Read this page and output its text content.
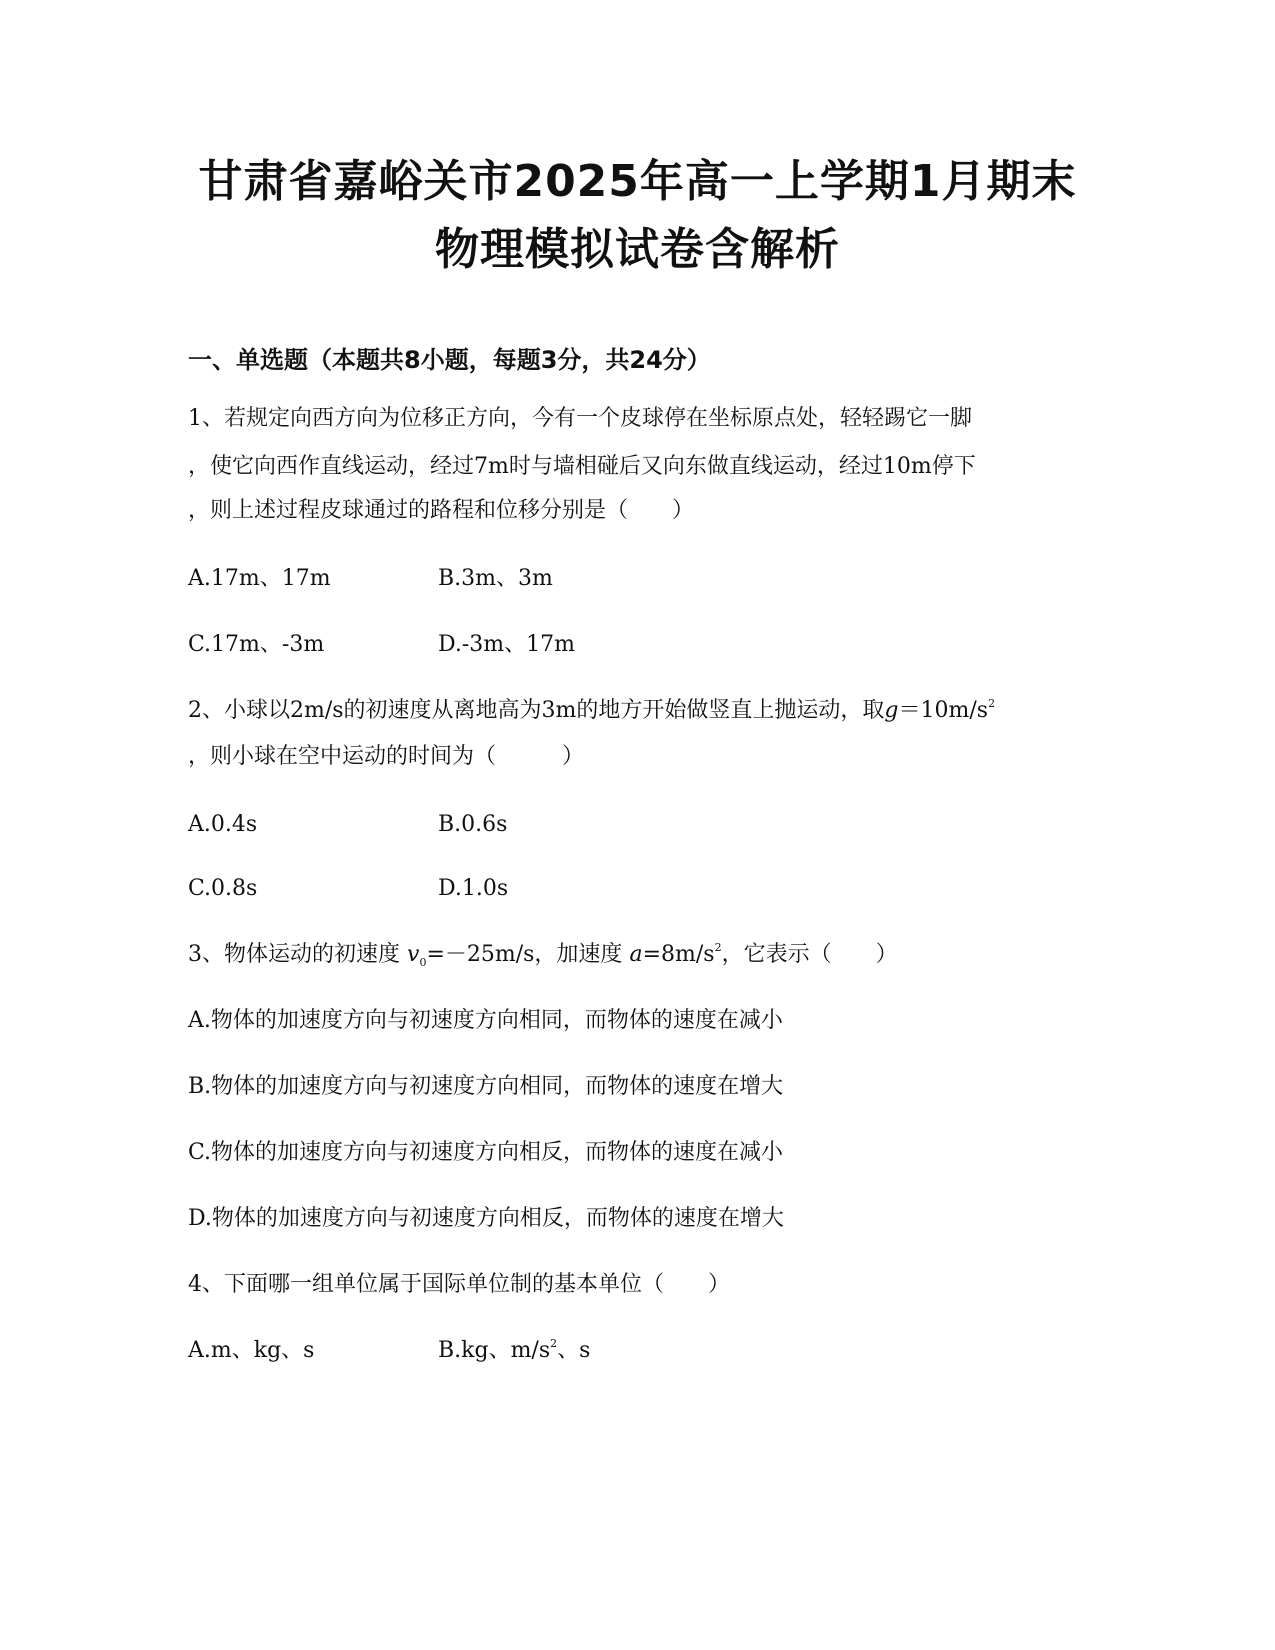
甘肃省嘉峪关市2025年高一上学期1月期末
物理模拟试卷含解析
一、单选题（本题共8小题，每题3分，共24分）
1、若规定向西方向为位移正方向，今有一个皮球停在坐标原点处，轻轻踢它一脚
，使它向西作直线运动，经过7m时与墙相碰后又向东做直线运动，经过10m停下
，则上述过程皮球通过的路程和位移分别是（　　）
A.17m、17m	B.3m、3m
C.17m、-3m	D.-3m、17m
2、小球以2m/s的初速度从离地高为3m的地方开始做竖直上抛运动，取$g=10m/s^2$
，则小球在空中运动的时间为（　　　）
A.0.4s	B.0.6s
C.0.8s	D.1.0s
3、物体运动的初速度 $v_0=-25m/s$，加速度 $a=8m/s^2$，它表示（　　）
A.物体的加速度方向与初速度方向相同，而物体的速度在减小
B.物体的加速度方向与初速度方向相同，而物体的速度在增大
C.物体的加速度方向与初速度方向相反，而物体的速度在减小
D.物体的加速度方向与初速度方向相反，而物体的速度在增大
4、下面哪一组单位属于国际单位制的基本单位（　　）
A.m、kg、s	B.kg、$m/s^2$、s
